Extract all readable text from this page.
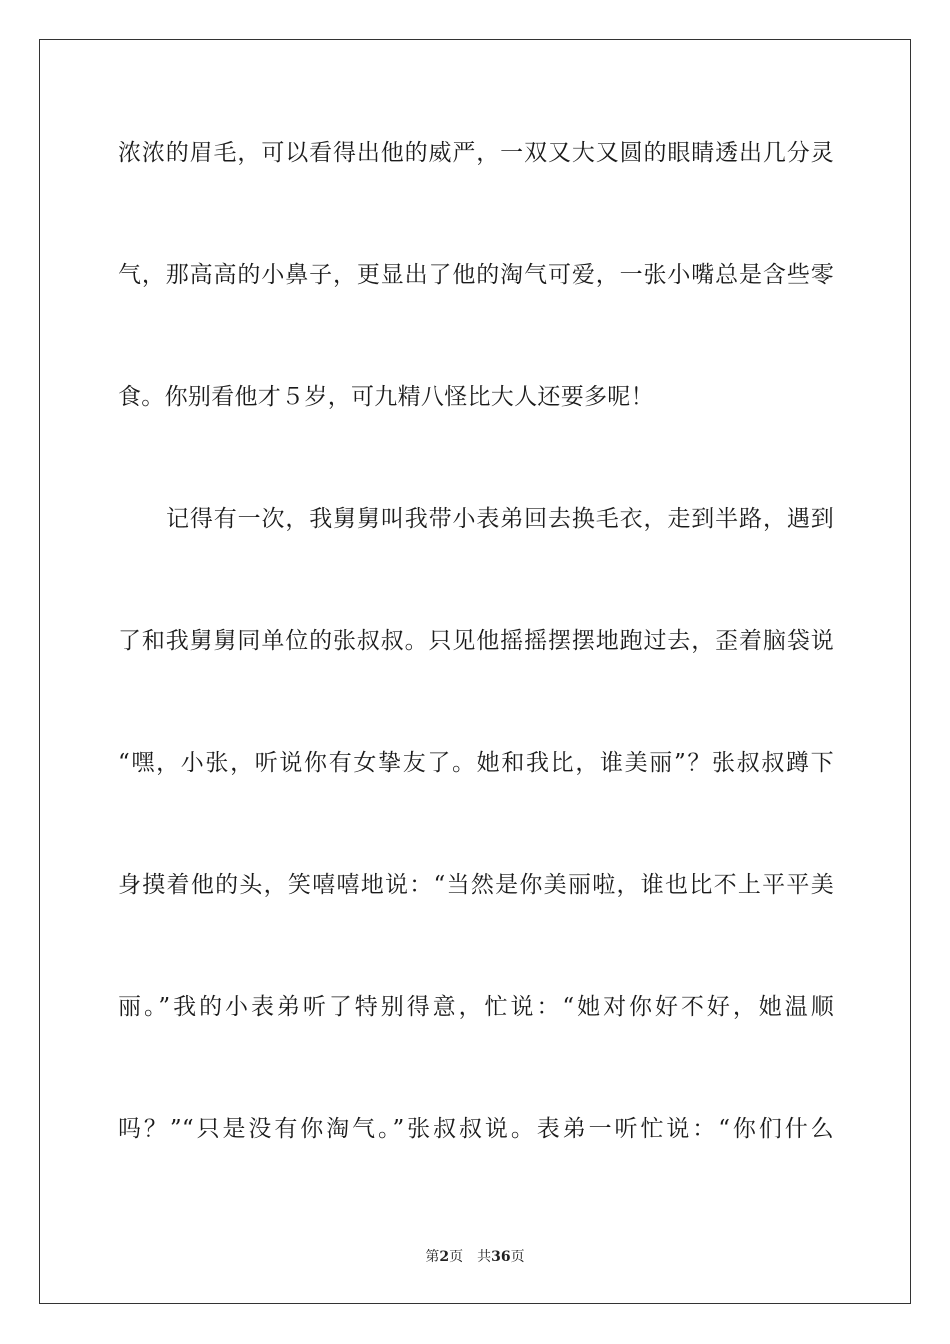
浓浓的眉毛，可以看得出他的威严，一双又大又圆的眼睛透出几分灵
气，那高高的小鼻子，更显出了他的淘气可爱，一张小嘴总是含些零
食。你别看他才５岁，可九精八怪比大人还要多呢！
记得有一次，我舅舅叫我带小表弟回去换毛衣，走到半路，遇到
了和我舅舅同单位的张叔叔。只见他摇摇摆摆地跑过去，歪着脑袋说
“嘿，小张，听说你有女挚友了。她和我比，谁美丽”？张叔叔蹲下
身摸着他的头，笑嘻嘻地说：“当然是你美丽啦，谁也比不上平平美
丽。”我的小表弟听了特别得意，忙说：“她对你好不好，她温顺
吗？”“只是没有你淘气。”张叔叔说。表弟一听忙说：“你们什么
第2页 共36页
